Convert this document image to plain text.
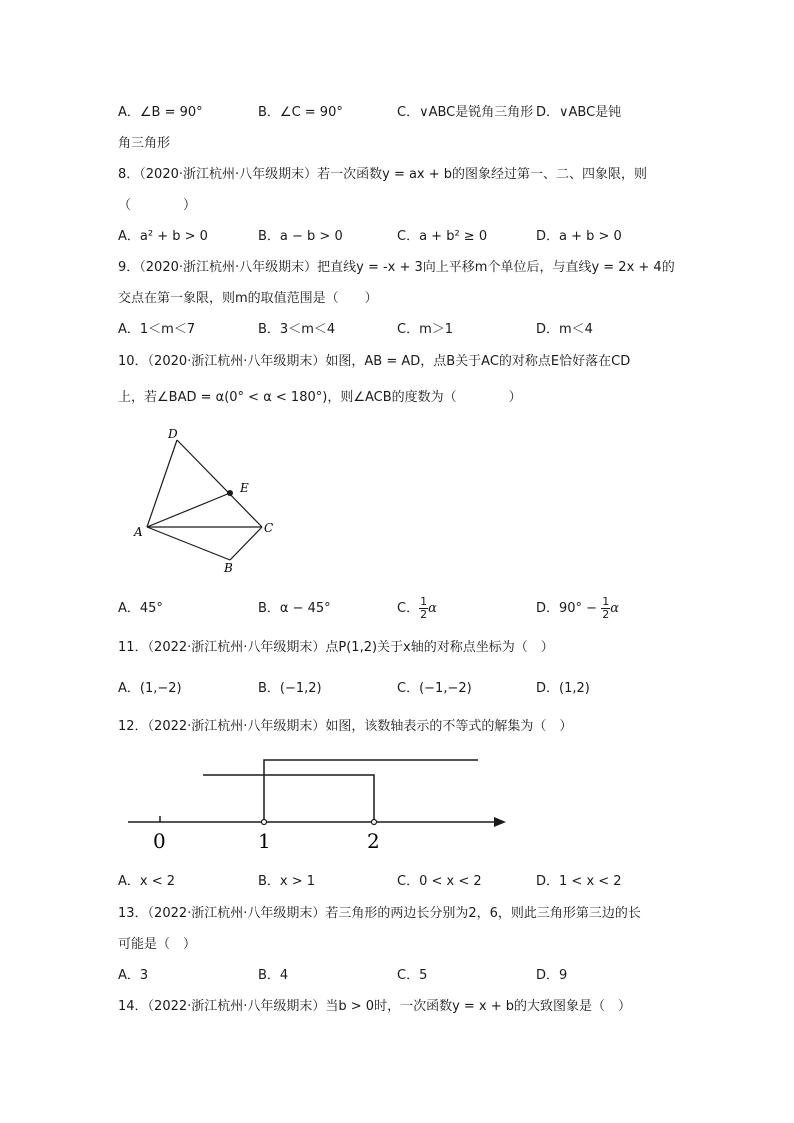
A．∠B = 90°	B．∠C = 90°	C．∨ABC是锐角三角形 D．∨ABC是钝
角三角形
8．（2020·浙江杭州·八年级期末）若一次函数y = ax + b的图象经过第一、二、四象限，则
（　　　　）
A．a² + b > 0	B．a − b > 0	C．a + b² ≥ 0	D．a + b > 0
9．（2020·浙江杭州·八年级期末）把直线y = -x + 3向上平移m个单位后，与直线y = 2x + 4的
交点在第一象限，则m的取值范围是（　　）
A．1＜m＜7	B．3＜m＜4	C．m＞1	D．m＜4
10．（2020·浙江杭州·八年级期末）如图，AB = AD，点B关于AC的对称点E恰好落在CD
上，若∠BAD = α(0° < α < 180°)，则∠ACB的度数为（　　　　）
D
E
A	C
B
A．45°	B．α − 45°	C． $\frac{1}{2}$ α	D．$90^\circ - \frac{1}{2}$ α
11．（2022·浙江杭州·八年级期末）点P(1,2)关于x轴的对称点坐标为（　）
A．(1,−2)	B．(−1,2)	C．(−1,−2)	D．(1,2)
12．（2022·浙江杭州·八年级期末）如图，该数轴表示的不等式的解集为（　）
0	1	2
A．x < 2	B．x > 1	C．0 < x < 2	D．1 < x < 2
13．（2022·浙江杭州·八年级期末）若三角形的两边长分别为2，6，则此三角形第三边的长
可能是（　）
A．3	B．4	C．5	D．9
14．（2022·浙江杭州·八年级期末）当b > 0时，一次函数y = x + b的大致图象是（　）
